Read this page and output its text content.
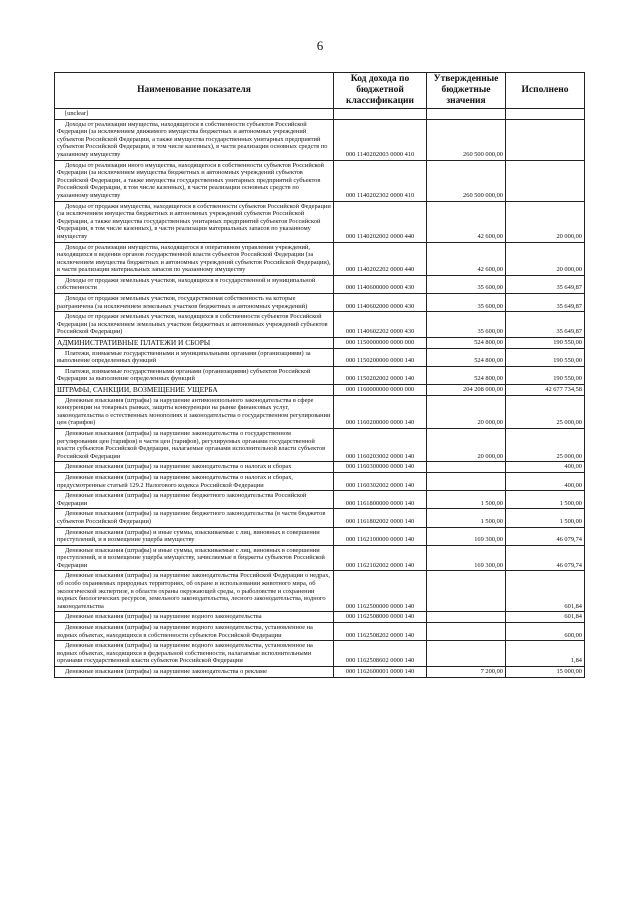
6
Наименование показателя	Код дохода по бюджетной классификации	Утвержденные бюджетные значения	Исполнено
[unclear]			
Доходы от реализации имущества, находящегося в собственности субъектов Российской Федерации (за исключением движимого имущества бюджетных и автономных учреждений субъектов Российской Федерации, а также имущества государственных унитарных предприятий субъектов Российской Федерации, в том числе казенных), в части реализации основных средств по указанному имуществу	000 1140202003 0000 410	260 500 000,00	
Доходы от реализации иного имущества, находящегося в собственности субъектов Российской Федерации (за исключением имущества бюджетных и автономных учреждений субъектов Российской Федерации, а также имущества государственных унитарных предприятий субъектов Российской Федерации, в том числе казенных), в части реализации основных средств по указанному имуществу	000 1140202302 0000 410	260 500 000,00	
Доходы от продажи имущества, находящегося в собственности субъектов Российской Федерации (за исключением имущества бюджетных и автономных учреждений субъектов Российской Федерации, а также имущества государственных унитарных предприятий субъектов Российской Федерации, в том числе казенных), в части реализации материальных запасов по указанному имуществу	000 1140202002 0000 440	42 600,00	20 000,00
Доходы от реализации имущества, находящегося в оперативном управлении учреждений, находящихся в ведении органов государственной власти субъектов Российской Федерации (за исключением имущества бюджетных и автономных учреждений субъектов Российской Федерации), в части реализации материальных запасов по указанному имуществу	000 1140202202 0000 440	42 600,00	20 000,00
Доходы от продажи земельных участков, находящихся в государственной и муниципальной собственности	000 1140600000 0000 430	35 600,00	35 649,87
Доходы от продажи земельных участков, государственная собственность на которые разграничена (за исключением земельных участков бюджетных и автономных учреждений)	000 1140602000 0000 430	35 600,00	35 649,87
Доходы от продажи земельных участков, находящихся в собственности субъектов Российской Федерации (за исключением земельных участков бюджетных и автономных учреждений субъектов Российской Федерации)	000 1140602202 0000 430	35 600,00	35 649,87
АДМИНИСТРАТИВНЫЕ ПЛАТЕЖИ И СБОРЫ	000 1150000000 0000 000	524 800,00	190 550,00
Платежи, взимаемые государственными и муниципальными органами (организациями) за выполнение определенных функций	000 1150200000 0000 140	524 800,00	190 550,00
Платежи, взимаемые государственными органами (организациями) субъектов Российской Федерации за выполнение определенных функций	000 1150202002 0000 140	524 800,00	190 550,00
ШТРАФЫ, САНКЦИИ, ВОЗМЕЩЕНИЕ УЩЕРБА	000 1160000000 0000 000	204 208 000,00	42 677 734,58
Денежные взыскания (штрафы) за нарушение антимонопольного законодательства в сфере конкуренции на товарных рынках, защиты конкуренции на рынке финансовых услуг, законодательства о естественных монополиях и законодательства о государственном регулировании цен (тарифов)	000 1160200000 0000 140	20 000,00	25 000,00
Денежные взыскания (штрафы) за нарушение законодательства о государственном регулировании цен (тарифов) в части цен (тарифов), регулируемых органами государственной власти субъектов Российской Федерации, налагаемые органами исполнительной власти субъектов Российской Федерации	000 1160203002 0000 140	20 000,00	25 000,00
Денежные взыскания (штрафы) за нарушение законодательства о налогах и сборах	000 1160300000 0000 140		400,00
Денежные взыскания (штрафы) за нарушение законодательства о налогах и сборах, предусмотренные статьей 129.2 Налогового кодекса Российской Федерации	000 1160302002 0000 140		400,00
Денежные взыскания (штрафы) за нарушение бюджетного законодательства Российской Федерации	000 1161800000 0000 140	1 500,00	1 500,00
Денежные взыскания (штрафы) за нарушение бюджетного законодательства (в части бюджетов субъектов Российской Федерации)	000 1161802002 0000 140	1 500,00	1 500,00
Денежные взыскания (штрафы) и иные суммы, взыскиваемые с лиц, виновных в совершении преступлений, и в возмещение ущерба имуществу	000 1162100000 0000 140	169 300,00	46 079,74
Денежные взыскания (штрафы) и иные суммы, взыскиваемые с лиц, виновных в совершении преступлений, и в возмещение ущерба имуществу, зачисляемые в бюджеты субъектов Российской Федерации	000 1162102002 0000 140	169 300,00	46 079,74
Денежные взыскания (штрафы) за нарушение законодательства Российской Федерации о недрах, об особо охраняемых природных территориях, об охране и использовании животного мира, об экологической экспертизе, в области охраны окружающей среды, о рыболовстве и сохранении водных биологических ресурсов, земельного законодательства, лесного законодательства, водного законодательства	000 1162500000 0000 140		601,84
Денежные взыскания (штрафы) за нарушение водного законодательства	000 1162508000 0000 140		601,84
Денежные взыскания (штрафы) за нарушение водного законодательства, установленное на водных объектах, находящихся в собственности субъектов Российской Федерации	000 1162508202 0000 140		600,00
Денежные взыскания (штрафы) за нарушение водного законодательства, установленное на водных объектах, находящихся в федеральной собственности, налагаемые исполнительными органами государственной власти субъектов Российской Федерации	000 1162508602 0000 140		1,84
Денежные взыскания (штрафы) за нарушение законодательства о рекламе	000 1162600001 0000 140	7 200,00	15 000,00
